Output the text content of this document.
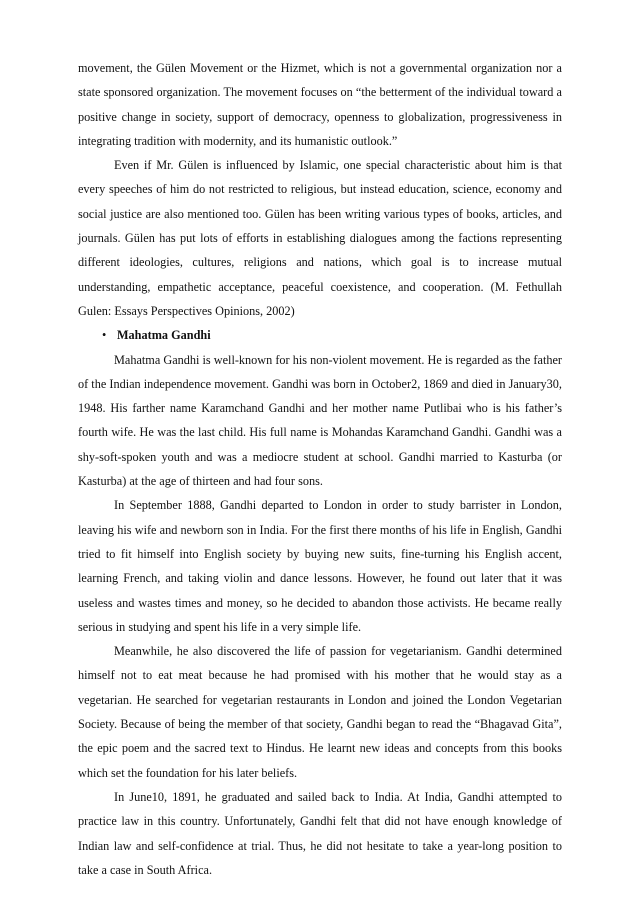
movement, the Gülen Movement or the Hizmet, which is not a governmental organization nor a state sponsored organization. The movement focuses on “the betterment of the individual toward a positive change in society, support of democracy, openness to globalization, progressiveness in integrating tradition with modernity, and its humanistic outlook.”

Even if Mr. Gülen is influenced by Islamic, one special characteristic about him is that every speeches of him do not restricted to religious, but instead education, science, economy and social justice are also mentioned too. Gülen has been writing various types of books, articles, and journals. Gülen has put lots of efforts in establishing dialogues among the factions representing different ideologies, cultures, religions and nations, which goal is to increase mutual understanding, empathetic acceptance, peaceful coexistence, and cooperation. (M. Fethullah Gulen: Essays Perspectives Opinions, 2002)

• Mahatma Gandhi

Mahatma Gandhi is well-known for his non-violent movement. He is regarded as the father of the Indian independence movement. Gandhi was born in October2, 1869 and died in January30, 1948. His farther name Karamchand Gandhi and her mother name Putlibai who is his father’s fourth wife. He was the last child. His full name is Mohandas Karamchand Gandhi. Gandhi was a shy-soft-spoken youth and was a mediocre student at school. Gandhi married to Kasturba (or Kasturba) at the age of thirteen and had four sons.

In September 1888, Gandhi departed to London in order to study barrister in London, leaving his wife and newborn son in India. For the first there months of his life in English, Gandhi tried to fit himself into English society by buying new suits, fine-turning his English accent, learning French, and taking violin and dance lessons. However, he found out later that it was useless and wastes times and money, so he decided to abandon those activists. He became really serious in studying and spent his life in a very simple life.

Meanwhile, he also discovered the life of passion for vegetarianism. Gandhi determined himself not to eat meat because he had promised with his mother that he would stay as a vegetarian. He searched for vegetarian restaurants in London and joined the London Vegetarian Society. Because of being the member of that society, Gandhi began to read the “Bhagavad Gita”, the epic poem and the sacred text to Hindus. He learnt new ideas and concepts from this books which set the foundation for his later beliefs.

In June10, 1891, he graduated and sailed back to India. At India, Gandhi attempted to practice law in this country. Unfortunately, Gandhi felt that did not have enough knowledge of Indian law and self-confidence at trial. Thus, he did not hesitate to take a year-long position to take a case in South Africa.
